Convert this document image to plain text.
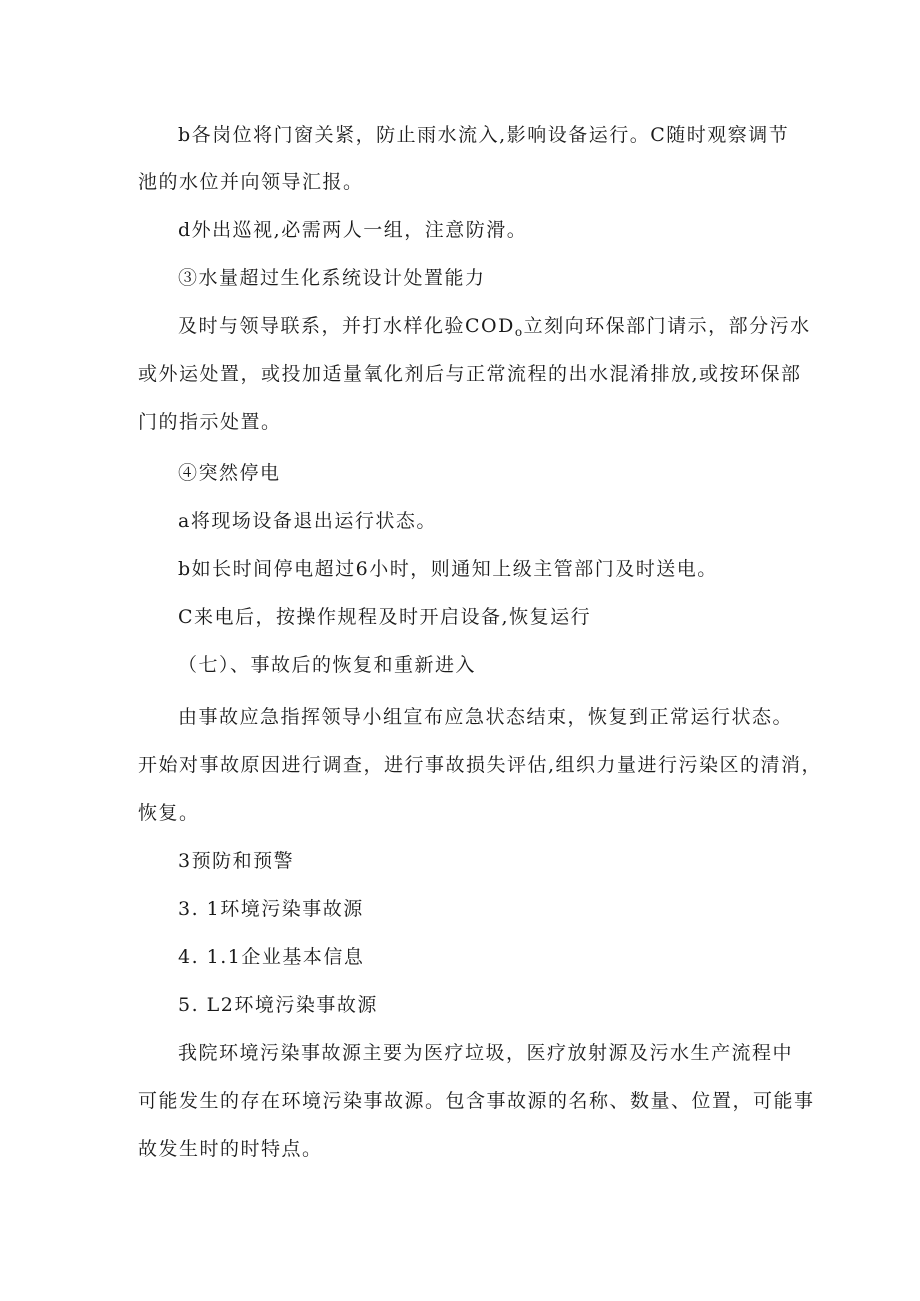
b各岗位将门窗关紧，防止雨水流入,影响设备运行。C随时观察调节
池的水位并向领导汇报。
d外出巡视,必需两人一组，注意防滑。
③水量超过生化系统设计处置能力
及时与领导联系，并打水样化验$COD_o$立刻向环保部门请示，部分污水
或外运处置，或投加适量氧化剂后与正常流程的出水混淆排放,或按环保部
门的指示处置。
④突然停电
a将现场设备退出运行状态。
b如长时间停电超过6小时，则通知上级主管部门及时送电。
C来电后，按操作规程及时开启设备,恢复运行
（七）、事故后的恢复和重新进入
由事故应急指挥领导小组宣布应急状态结束，恢复到正常运行状态。
开始对事故原因进行调查，进行事故损失评估,组织力量进行污染区的清消，
恢复。
3预防和预警
3. 1环境污染事故源
4. 1.1企业基本信息
5. L2环境污染事故源
我院环境污染事故源主要为医疗垃圾，医疗放射源及污水生产流程中
可能发生的存在环境污染事故源。包含事故源的名称、数量、位置，可能事
故发生时的时特点。
